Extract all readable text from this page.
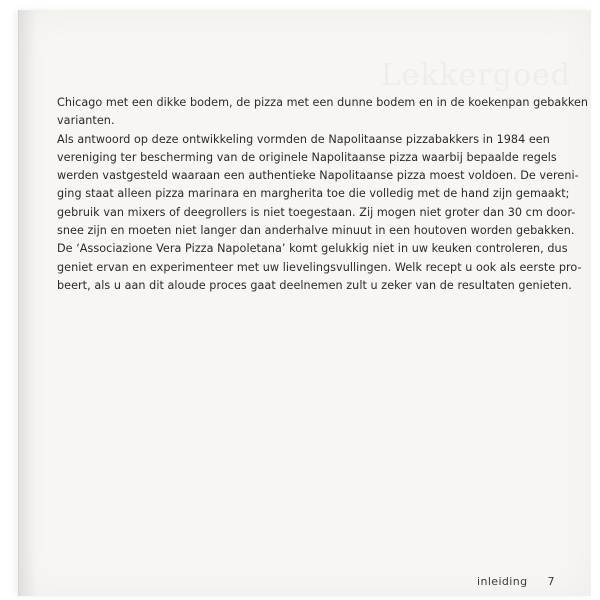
Lekkergoed

Chicago met een dikke bodem, de pizza met een dunne bodem en in de koekenpan gebakken
varianten.
Als antwoord op deze ontwikkeling vormden de Napolitaanse pizzabakkers in 1984 een
vereniging ter bescherming van de originele Napolitaanse pizza waarbij bepaalde regels
werden vastgesteld waaraan een authentieke Napolitaanse pizza moest voldoen. De vereni-
ging staat alleen pizza marinara en margherita toe die volledig met de hand zijn gemaakt;
gebruik van mixers of deegrollers is niet toegestaan. Zij mogen niet groter dan 30 cm door-
snee zijn en moeten niet langer dan anderhalve minuut in een houtoven worden gebakken.
De ‘Associazione Vera Pizza Napoletana’ komt gelukkig niet in uw keuken controleren, dus
geniet ervan en experimenteer met uw lievelingsvullingen. Welk recept u ook als eerste pro-
beert, als u aan dit aloude proces gaat deelnemen zult u zeker van de resultaten genieten.

inleiding 7
